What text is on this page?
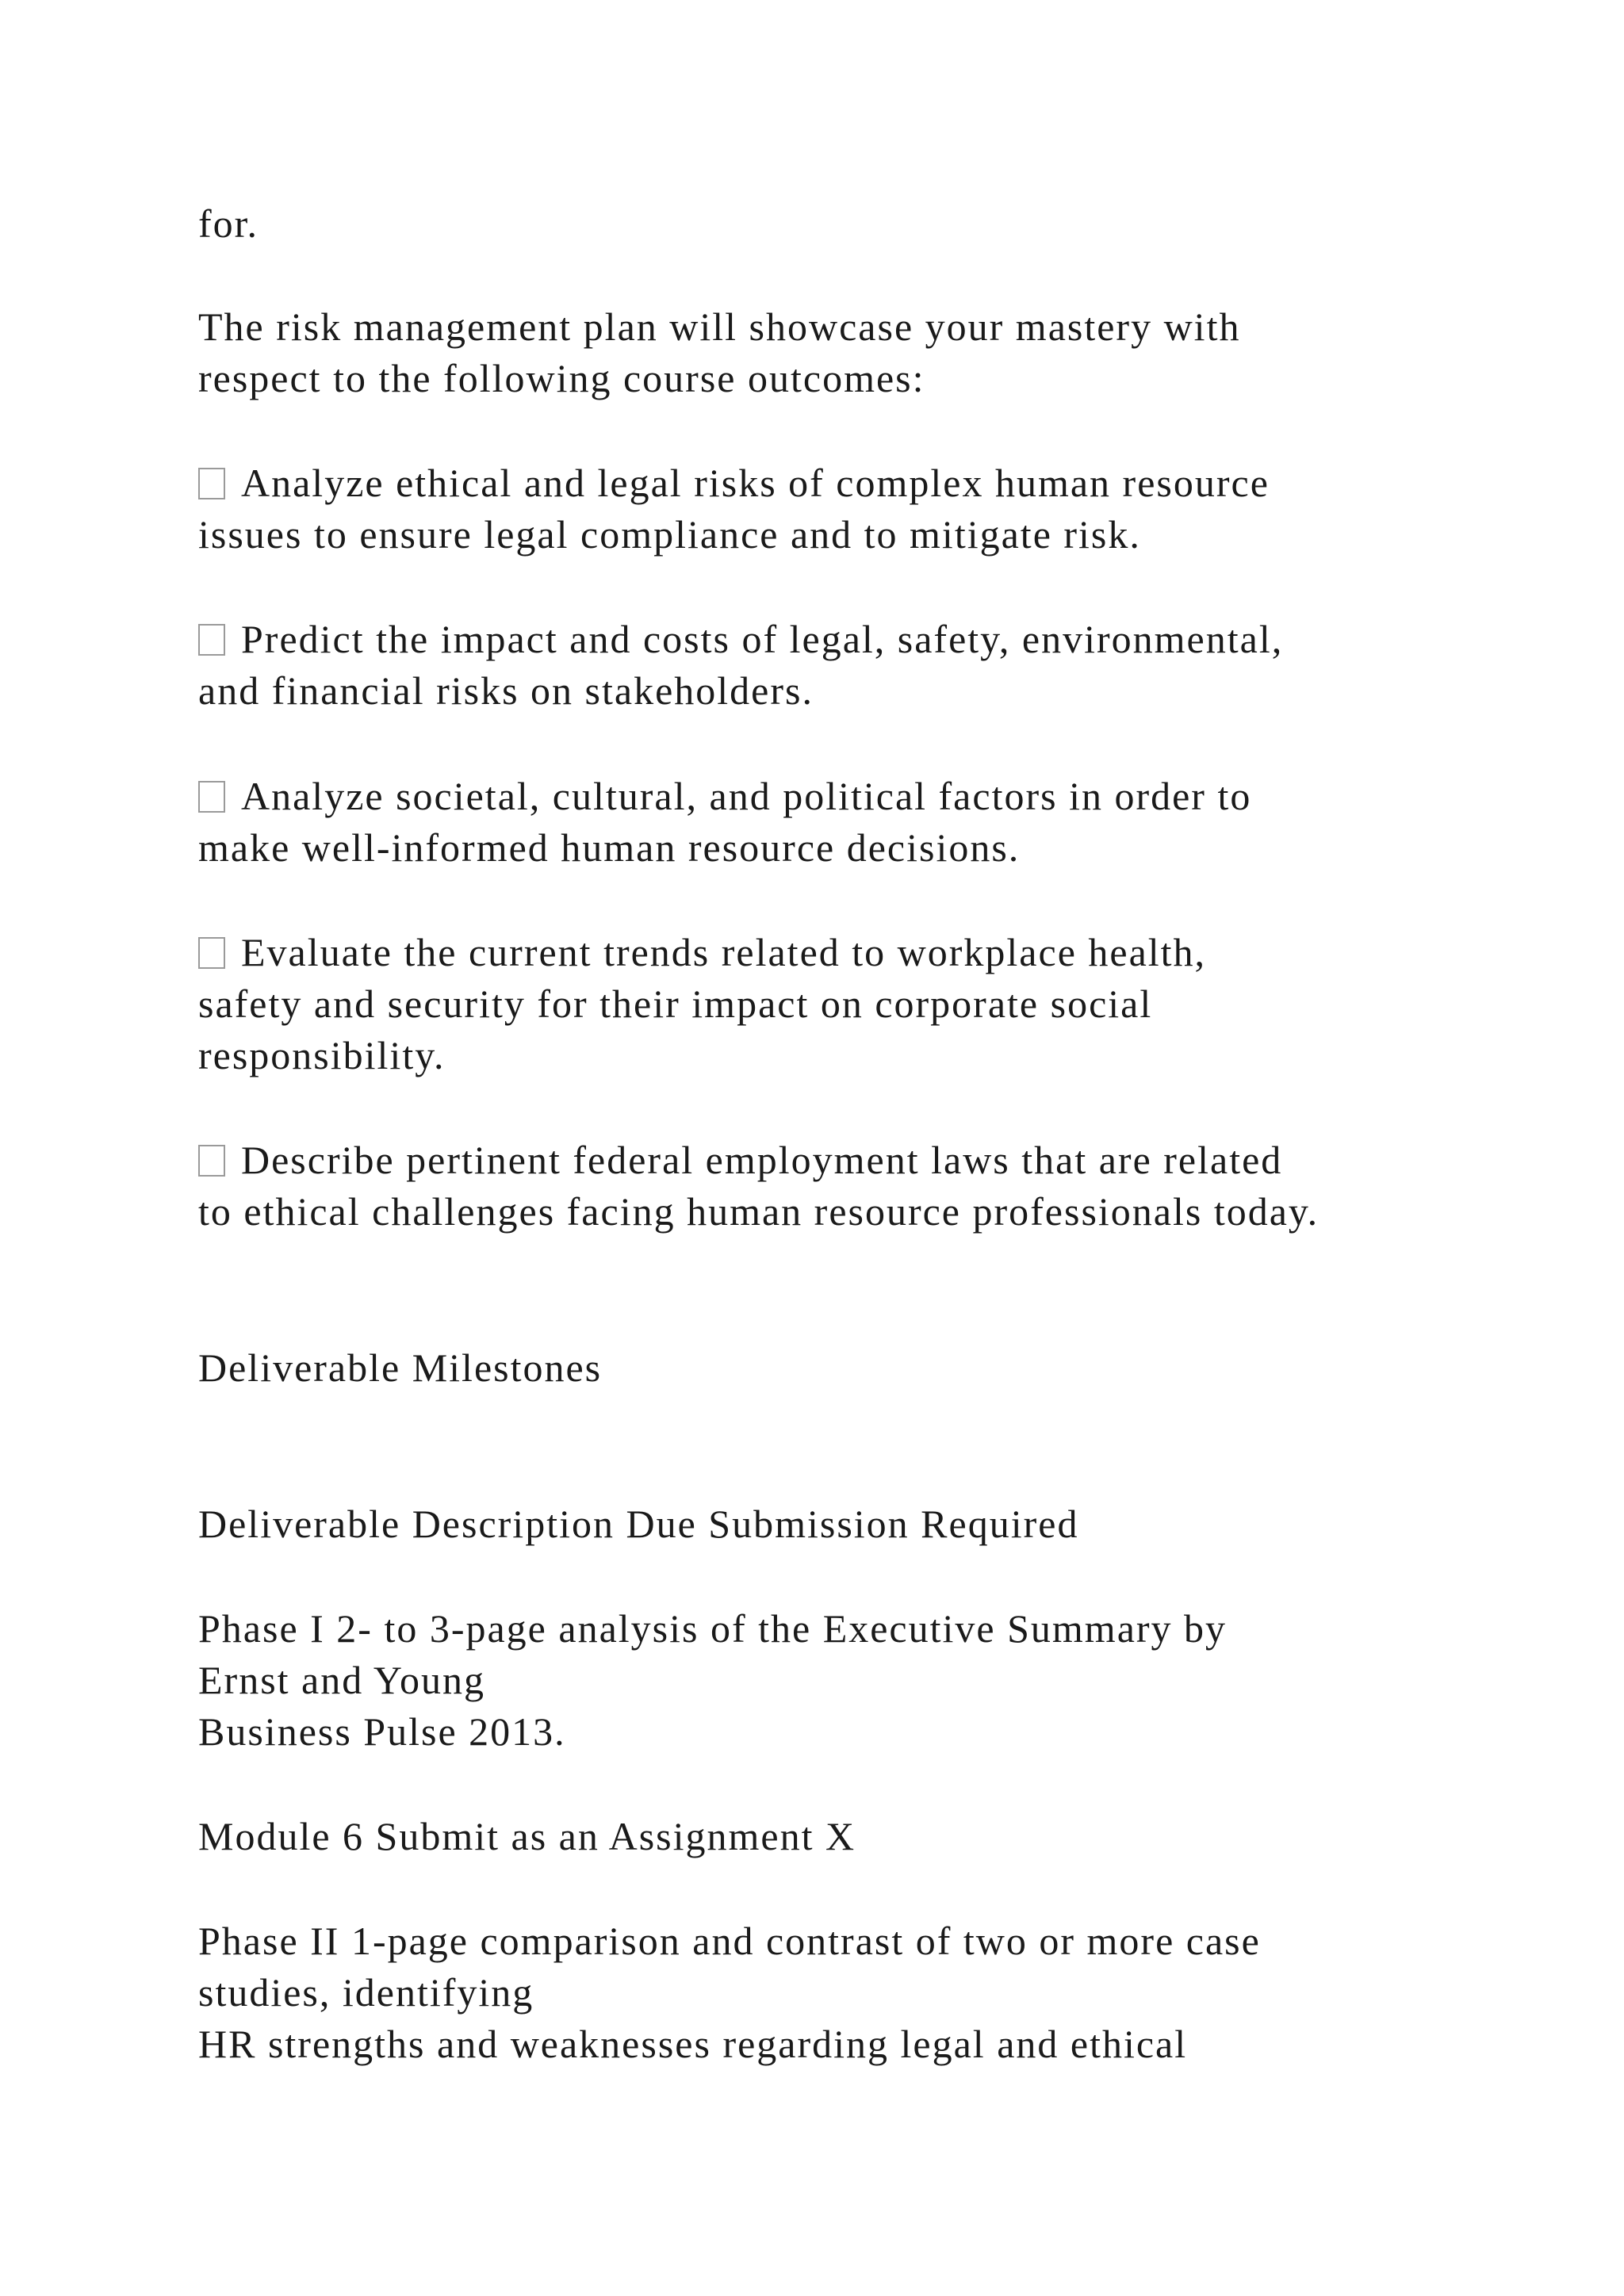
for.
The risk management plan will showcase your mastery with
respect to the following course outcomes:
Analyze ethical and legal risks of complex human resource
issues to ensure legal compliance and to mitigate risk.
Predict the impact and costs of legal, safety, environmental,
and financial risks on stakeholders.
Analyze societal, cultural, and political factors in order to
make well-informed human resource decisions.
Evaluate the current trends related to workplace health,
safety and security for their impact on corporate social
responsibility.
Describe pertinent federal employment laws that are related
to ethical challenges facing human resource professionals today.
Deliverable Milestones
Deliverable Description Due Submission Required
Phase I 2- to 3-page analysis of the Executive Summary by
Ernst and Young
Business Pulse 2013.
Module 6 Submit as an Assignment X
Phase II 1-page comparison and contrast of two or more case
studies, identifying
HR strengths and weaknesses regarding legal and ethical
